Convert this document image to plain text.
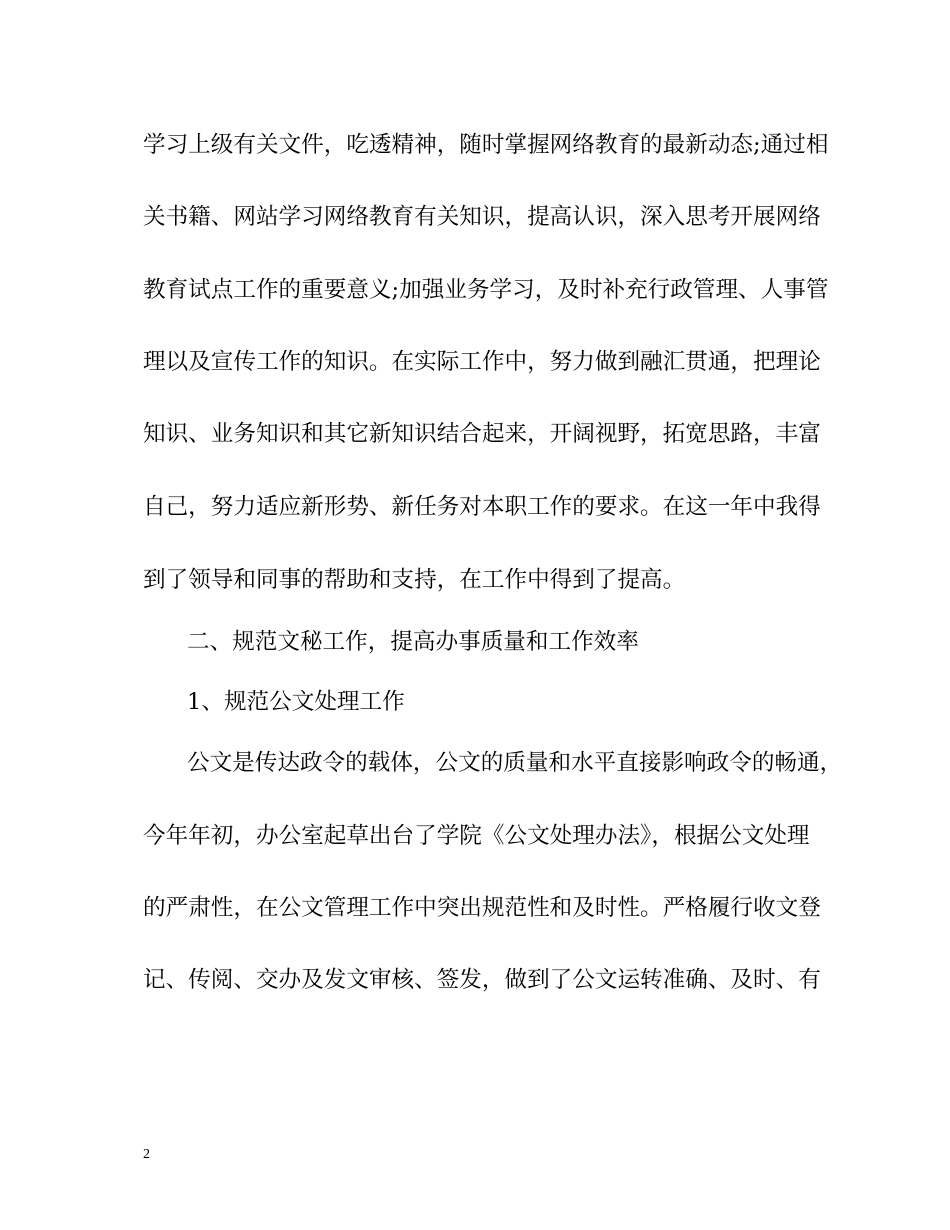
学习上级有关文件，吃透精神，随时掌握网络教育的最新动态;通过相
关书籍、网站学习网络教育有关知识，提高认识，深入思考开展网络
教育试点工作的重要意义;加强业务学习，及时补充行政管理、人事管
理以及宣传工作的知识。在实际工作中，努力做到融汇贯通，把理论
知识、业务知识和其它新知识结合起来，开阔视野，拓宽思路，丰富
自己，努力适应新形势、新任务对本职工作的要求。在这一年中我得
到了领导和同事的帮助和支持，在工作中得到了提高。
二、规范文秘工作，提高办事质量和工作效率
1、规范公文处理工作
公文是传达政令的载体，公文的质量和水平直接影响政令的畅通，
今年年初，办公室起草出台了学院《公文处理办法》，根据公文处理
的严肃性，在公文管理工作中突出规范性和及时性。严格履行收文登
记、传阅、交办及发文审核、签发，做到了公文运转准确、及时、有
2
